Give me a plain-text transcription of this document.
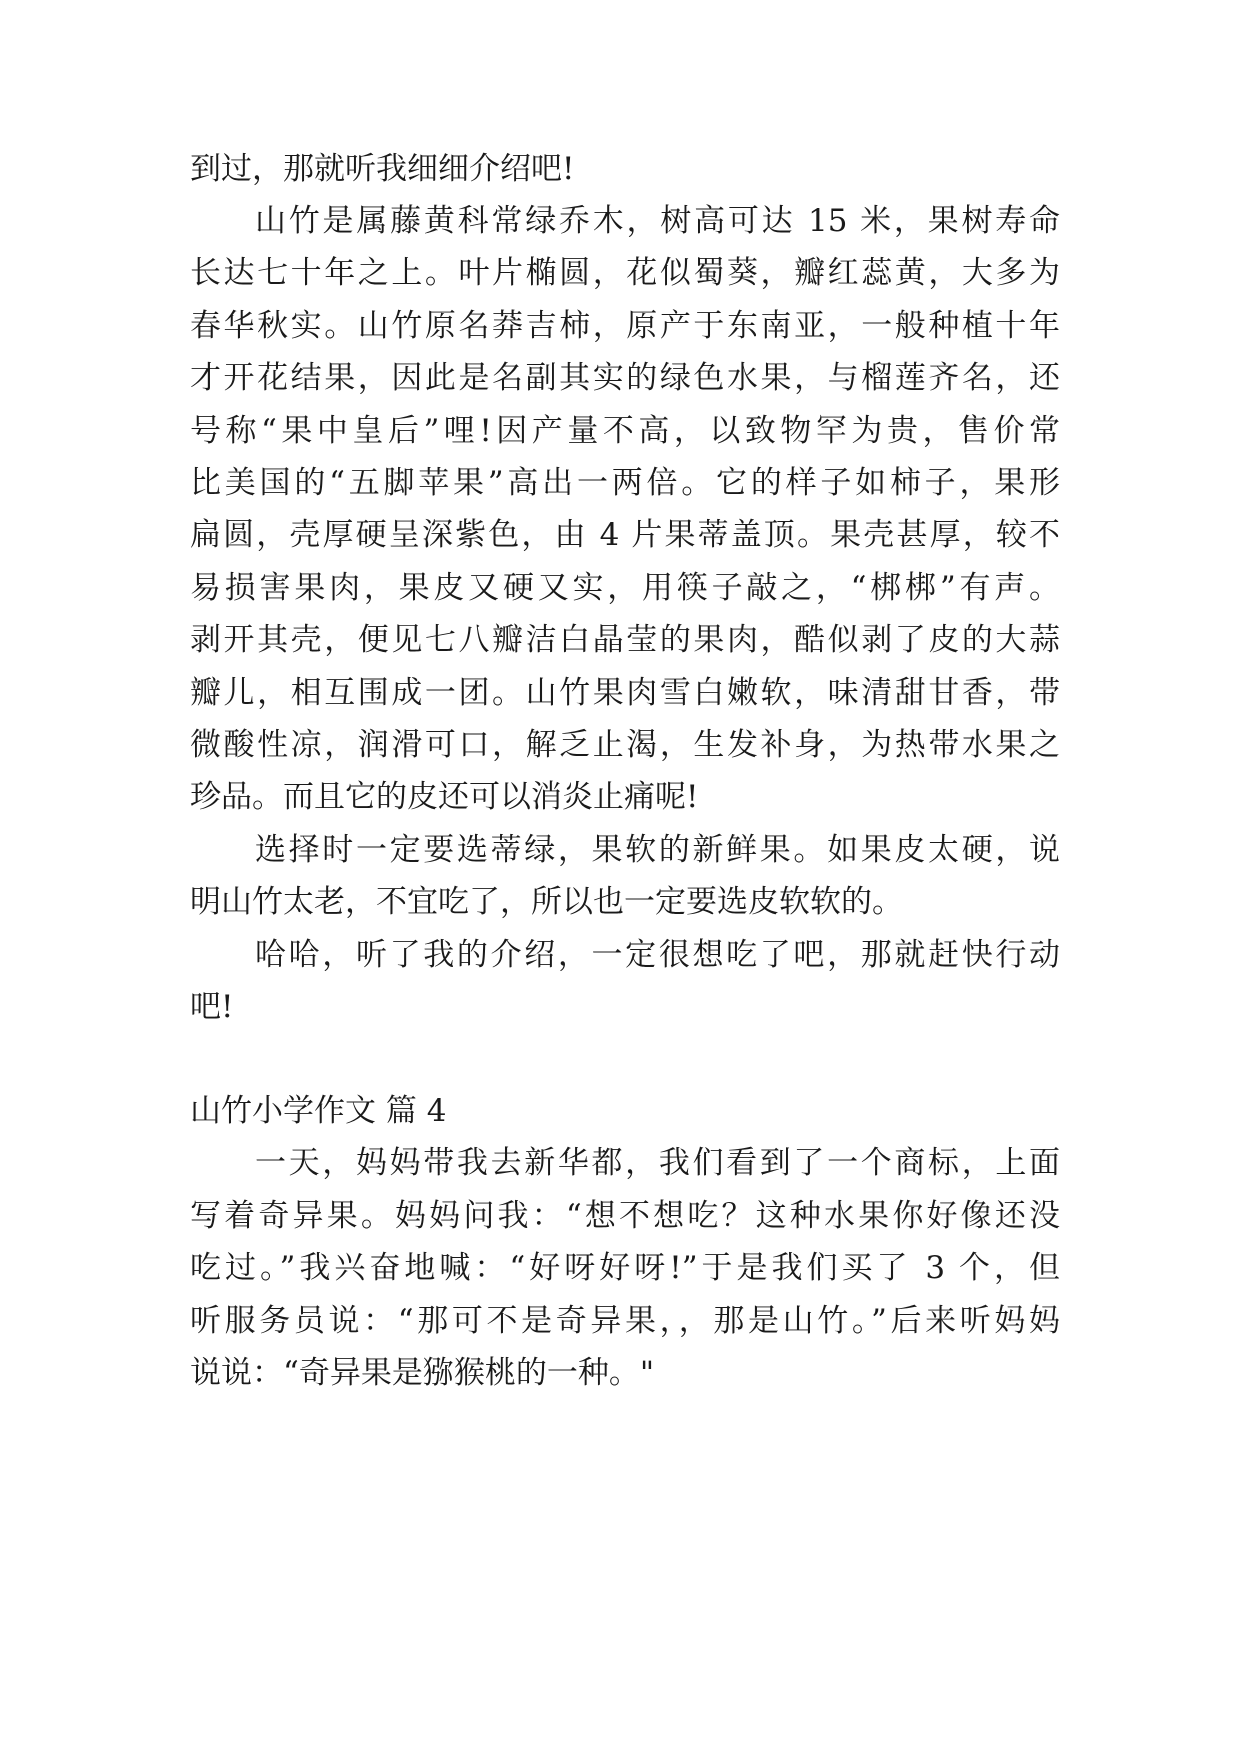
到过，那就听我细细介绍吧!
山竹是属藤黄科常绿乔木，树高可达 15 米，果树寿命
长达七十年之上。叶片椭圆，花似蜀葵，瓣红蕊黄，大多为
春华秋实。山竹原名莽吉柿，原产于东南亚，一般种植十年
才开花结果，因此是名副其实的绿色水果，与榴莲齐名，还
号称“果中皇后”哩!因产量不高，以致物罕为贵，售价常
比美国的“五脚苹果”高出一两倍。它的样子如柿子，果形
扁圆，壳厚硬呈深紫色，由 4 片果蒂盖顶。果壳甚厚，较不
易损害果肉，果皮又硬又实，用筷子敲之，“梆梆”有声。
剥开其壳，便见七八瓣洁白晶莹的果肉，酷似剥了皮的大蒜
瓣儿，相互围成一团。山竹果肉雪白嫩软，味清甜甘香，带
微酸性凉，润滑可口，解乏止渴，生发补身，为热带水果之
珍品。而且它的皮还可以消炎止痛呢!
选择时一定要选蒂绿，果软的新鲜果。如果皮太硬，说
明山竹太老，不宜吃了，所以也一定要选皮软软的。
哈哈，听了我的介绍，一定很想吃了吧，那就赶快行动
吧!
山竹小学作文 篇 4
一天，妈妈带我去新华都，我们看到了一个商标，上面
写着奇异果。妈妈问我：“想不想吃？这种水果你好像还没
吃过。”我兴奋地喊：“好呀好呀!”于是我们买了 3 个，但
听服务员说：“那可不是奇异果，，那是山竹。”后来听妈妈
说说：“奇异果是猕猴桃的一种。"
